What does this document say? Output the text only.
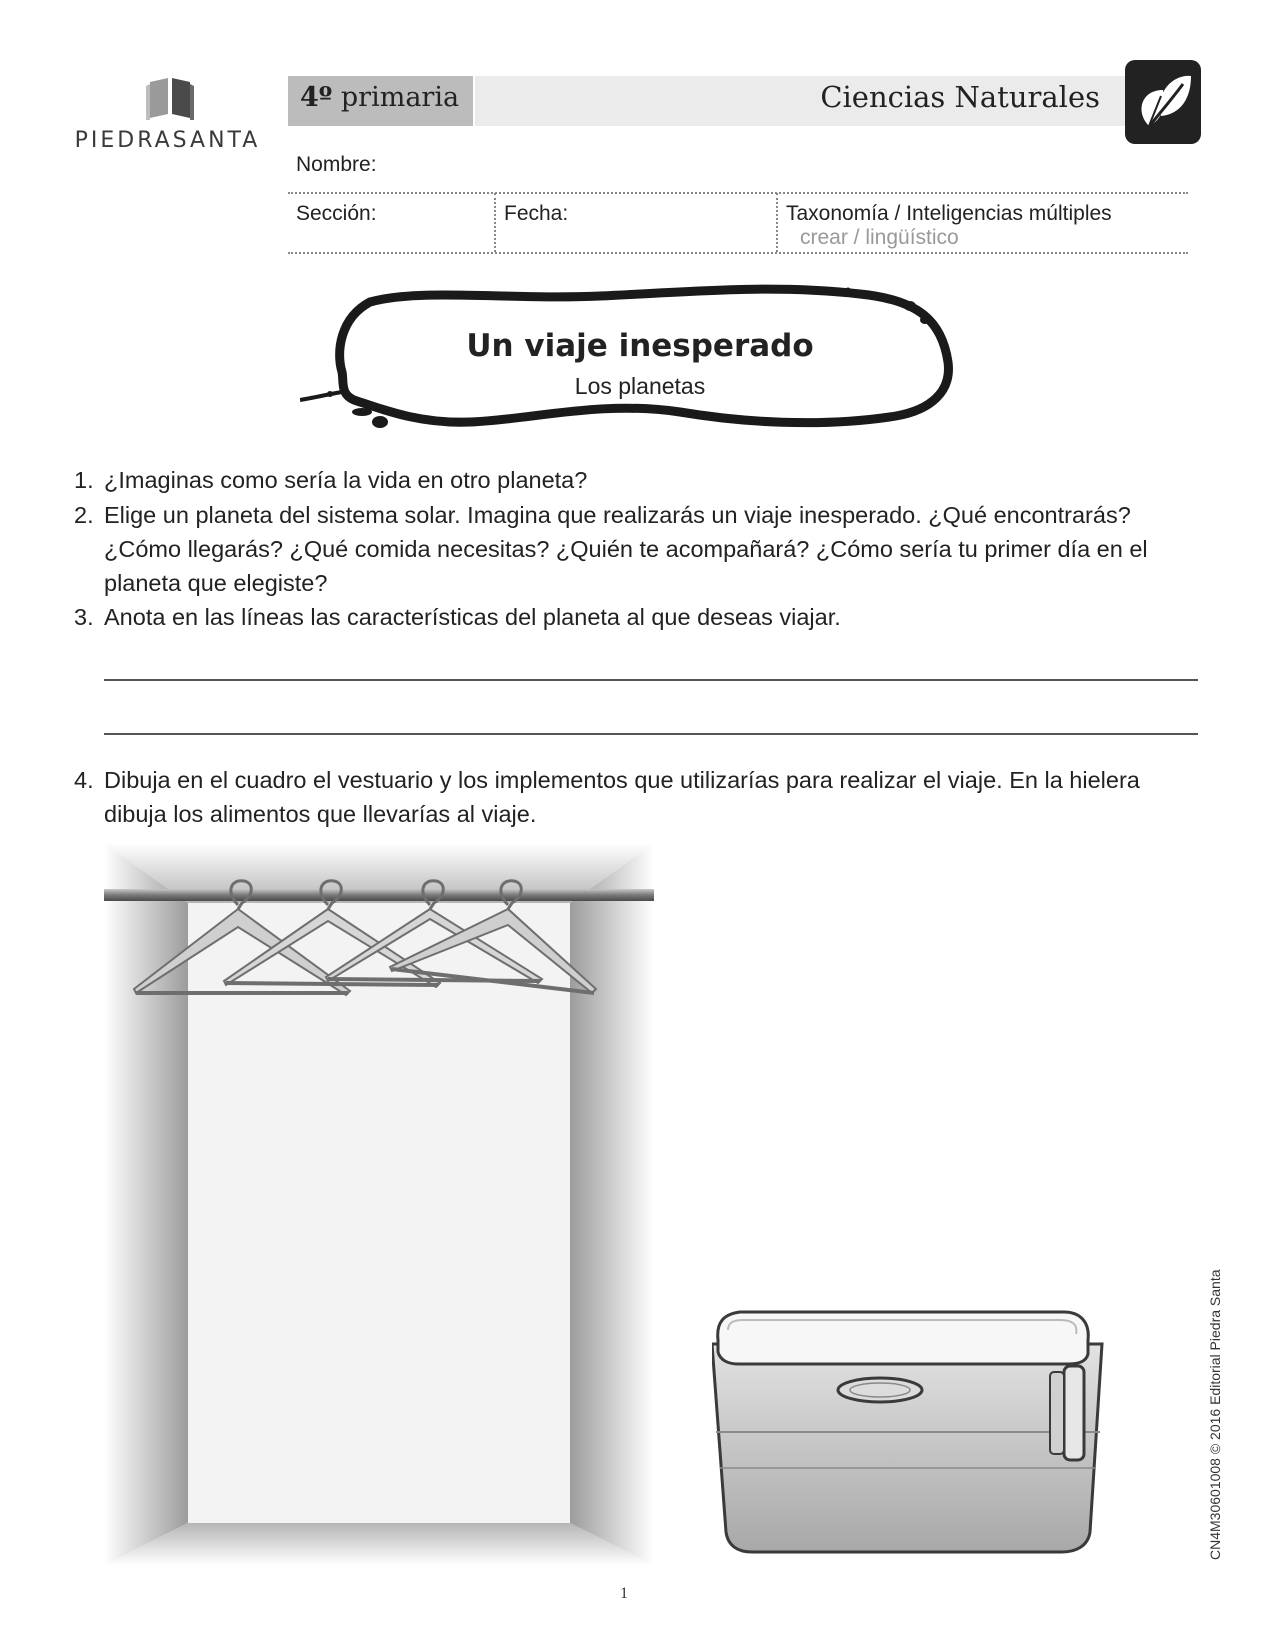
PIEDRASANTA
4º primaria	Ciencias Naturales
Nombre:
Sección:	Fecha:	Taxonomía / Inteligencias múltiples
crear / lingüístico
Un viaje inesperado
Los planetas
1. ¿Imaginas como sería la vida en otro planeta?
2. Elige un planeta del sistema solar. Imagina que realizarás un viaje inesperado. ¿Qué encontrarás? ¿Cómo llegarás? ¿Qué comida necesitas? ¿Quién te acompañará? ¿Cómo sería tu primer día en el planeta que elegiste?
3. Anota en las líneas las características del planeta al que deseas viajar.
4. Dibuja en el cuadro el vestuario y los implementos que utilizarías para realizar el viaje. En la hielera dibuja los alimentos que llevarías al viaje.
CN4M30601008 © 2016 Editorial Piedra Santa
1
